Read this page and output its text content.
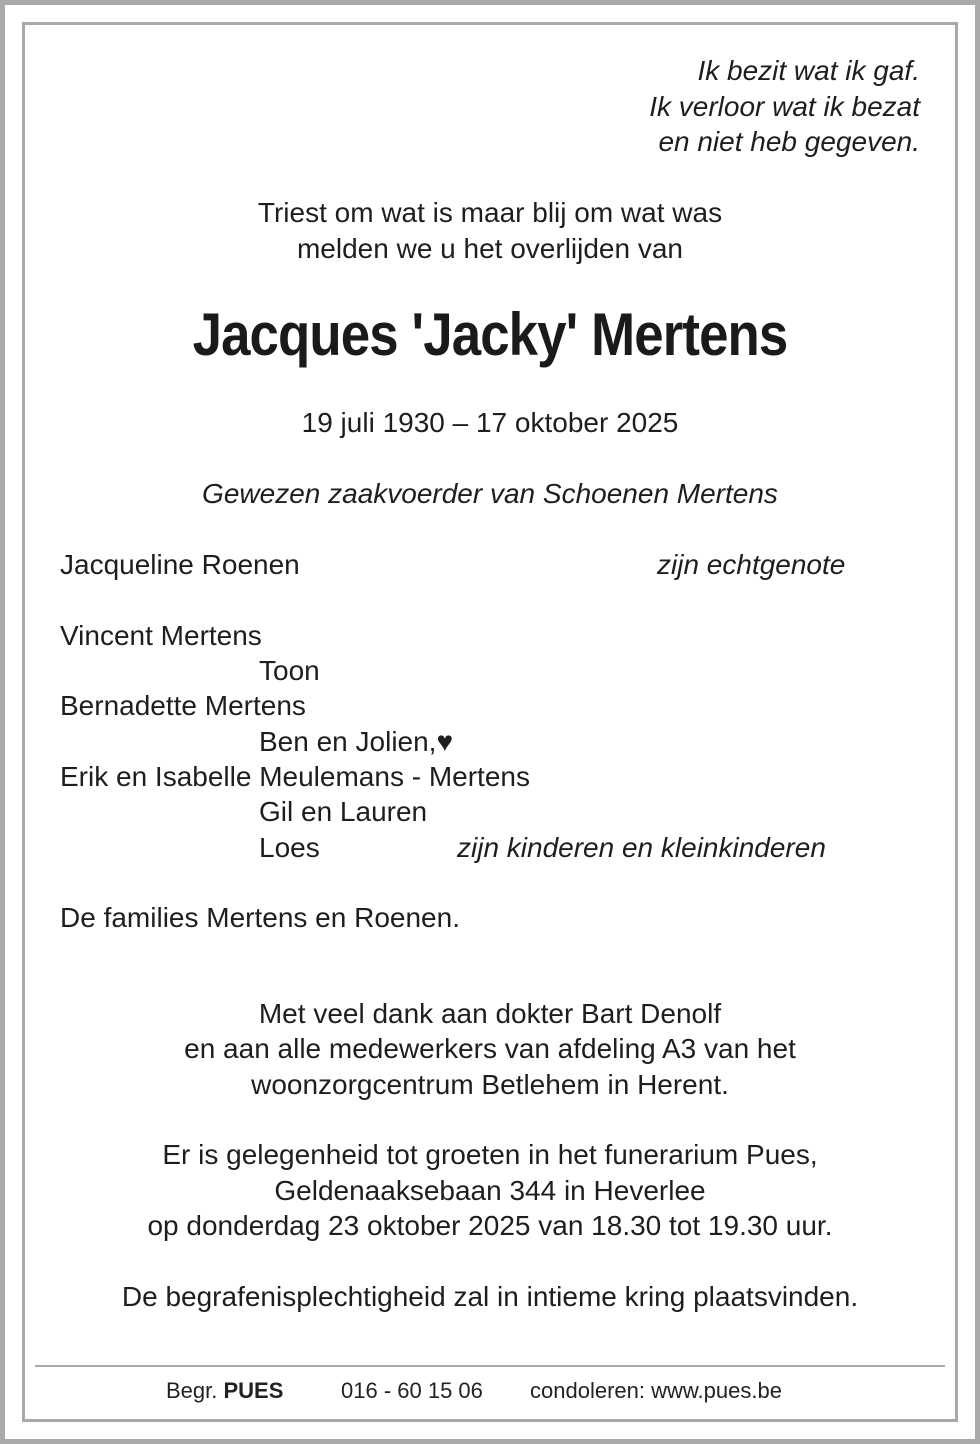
Ik bezit wat ik gaf.
Ik verloor wat ik bezat
en niet heb gegeven.
Triest om wat is maar blij om wat was
melden we u het overlijden van
Jacques 'Jacky' Mertens
19 juli 1930 – 17 oktober 2025
Gewezen zaakvoerder van Schoenen Mertens
Jacqueline Roenen	zijn echtgenote
Vincent Mertens
Toon
Bernadette Mertens
Ben en Jolien,♥
Erik en Isabelle Meulemans - Mertens
Gil en Lauren
Loes	zijn kinderen en kleinkinderen
De families Mertens en Roenen.
Met veel dank aan dokter Bart Denolf
en aan alle medewerkers van afdeling A3 van het
woonzorgcentrum Betlehem in Herent.
Er is gelegenheid tot groeten in het funerarium Pues,
Geldenaaksebaan 344 in Heverlee
op donderdag 23 oktober 2025 van 18.30 tot 19.30 uur.
De begrafenisplechtigheid zal in intieme kring plaatsvinden.
Begr. PUES	016 - 60 15 06 condoleren: www.pues.be
